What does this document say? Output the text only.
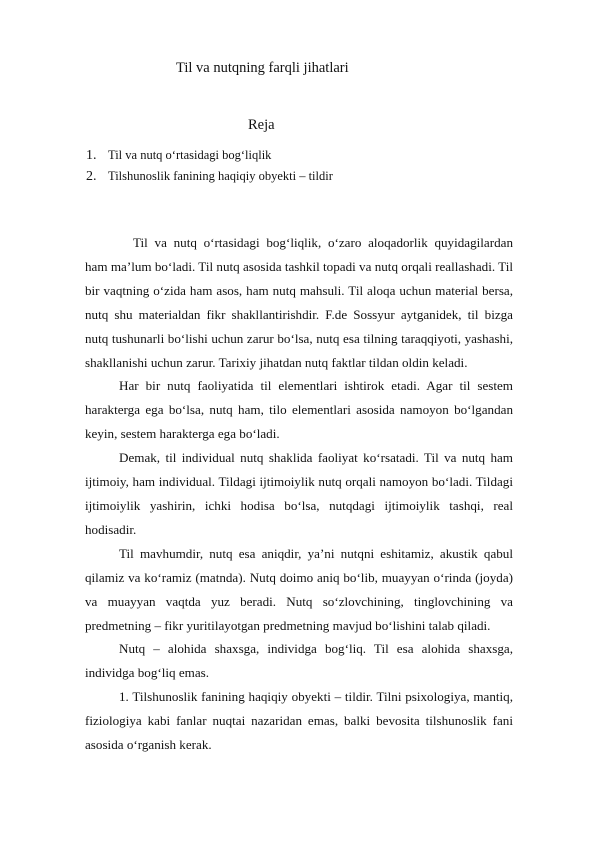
Til va nutqning farqli jihatlari
Reja
1. Til va nutq o‘rtasidagi bog‘liqlik
2. Tilshunoslik fanining haqiqiy obyekti – tildir

Til va nutq o‘rtasidagi bog‘liqlik, o‘zaro aloqadorlik quyidagilardan ham ma’lum bo‘ladi. Til nutq asosida tashkil topadi va nutq orqali reallashadi. Til bir vaqtning o‘zida ham asos, ham nutq mahsuli. Til aloqa uchun material bersa, nutq shu materialdan fikr shakllantirishdir. F.de Sossyur aytganidek, til bizga nutq tushunarli bo‘lishi uchun zarur bo‘lsa, nutq esa tilning taraqqiyoti, yashashi, shakllanishi uchun zarur. Tarixiy jihatdan nutq faktlar tildan oldin keladi.

Har bir nutq faoliyatida til elementlari ishtirok etadi. Agar til sestem harakterga ega bo‘lsa, nutq ham, tilo elementlari asosida namoyon bo‘lgandan keyin, sestem harakterga ega bo‘ladi.

Demak, til individual nutq shaklida faoliyat ko‘rsatadi. Til va nutq ham ijtimoiy, ham individual. Tildagi ijtimoiylik nutq orqali namoyon bo‘ladi. Tildagi ijtimoiylik yashirin, ichki hodisa bo‘lsa, nutqdagi ijtimoiylik tashqi, real hodisadir.

Til mavhumdir, nutq esa aniqdir, ya’ni nutqni eshitamiz, akustik qabul qilamiz va ko‘ramiz (matnda). Nutq doimo aniq bo‘lib, muayyan o‘rinda (joyda) va muayyan vaqtda yuz beradi. Nutq so‘zlovchining, tinglovchining va predmetning – fikr yuritilayotgan predmetning mavjud bo‘lishini talab qiladi.

Nutq – alohida shaxsga, individga bog‘liq. Til esa alohida shaxsga, individga bog‘liq emas.

1. Tilshunoslik fanining haqiqiy obyekti – tildir. Tilni psixologiya, mantiq, fiziologiya kabi fanlar nuqtai nazaridan emas, balki bevosita tilshunoslik fani asosida o‘rganish kerak.
